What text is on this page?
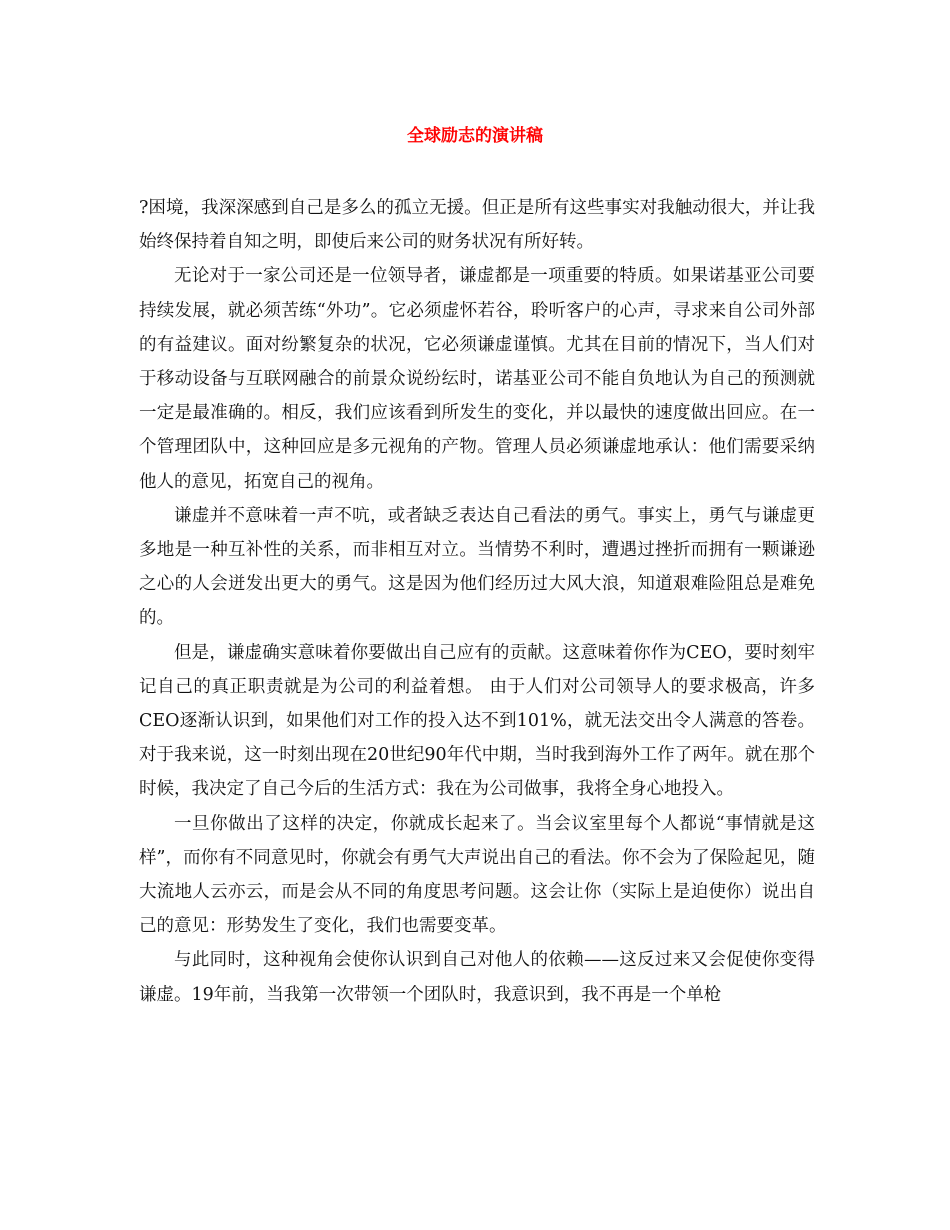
全球励志的演讲稿

?困境，我深深感到自己是多么的孤立无援。但正是所有这些事实对我触动很大，并让我始终保持着自知之明，即使后来公司的财务状况有所好转。

无论对于一家公司还是一位领导者，谦虚都是一项重要的特质。如果诺基亚公司要持续发展，就必须苦练“外功”。它必须虚怀若谷，聆听客户的心声，寻求来自公司外部的有益建议。面对纷繁复杂的状况，它必须谦虚谨慎。尤其在目前的情况下，当人们对于移动设备与互联网融合的前景众说纷纭时，诺基亚公司不能自负地认为自己的预测就一定是最准确的。相反，我们应该看到所发生的变化，并以最快的速度做出回应。在一个管理团队中，这种回应是多元视角的产物。管理人员必须谦虚地承认：他们需要采纳他人的意见，拓宽自己的视角。

谦虚并不意味着一声不吭，或者缺乏表达自己看法的勇气。事实上，勇气与谦虚更多地是一种互补性的关系，而非相互对立。当情势不利时，遭遇过挫折而拥有一颗谦逊之心的人会迸发出更大的勇气。这是因为他们经历过大风大浪，知道艰难险阻总是难免的。

但是，谦虚确实意味着你要做出自己应有的贡献。这意味着你作为CEO，要时刻牢记自己的真正职责就是为公司的利益着想。 由于人们对公司领导人的要求极高，许多CEO逐渐认识到，如果他们对工作的投入达不到101%，就无法交出令人满意的答卷。对于我来说，这一时刻出现在20世纪90年代中期，当时我到海外工作了两年。就在那个时候，我决定了自己今后的生活方式：我在为公司做事，我将全身心地投入。

一旦你做出了这样的决定，你就成长起来了。当会议室里每个人都说“事情就是这样”，而你有不同意见时，你就会有勇气大声说出自己的看法。你不会为了保险起见，随大流地人云亦云，而是会从不同的角度思考问题。这会让你（实际上是迫使你）说出自己的意见：形势发生了变化，我们也需要变革。

与此同时，这种视角会使你认识到自己对他人的依赖——这反过来又会促使你变得谦虚。19年前，当我第一次带领一个团队时，我意识到，我不再是一个单枪
